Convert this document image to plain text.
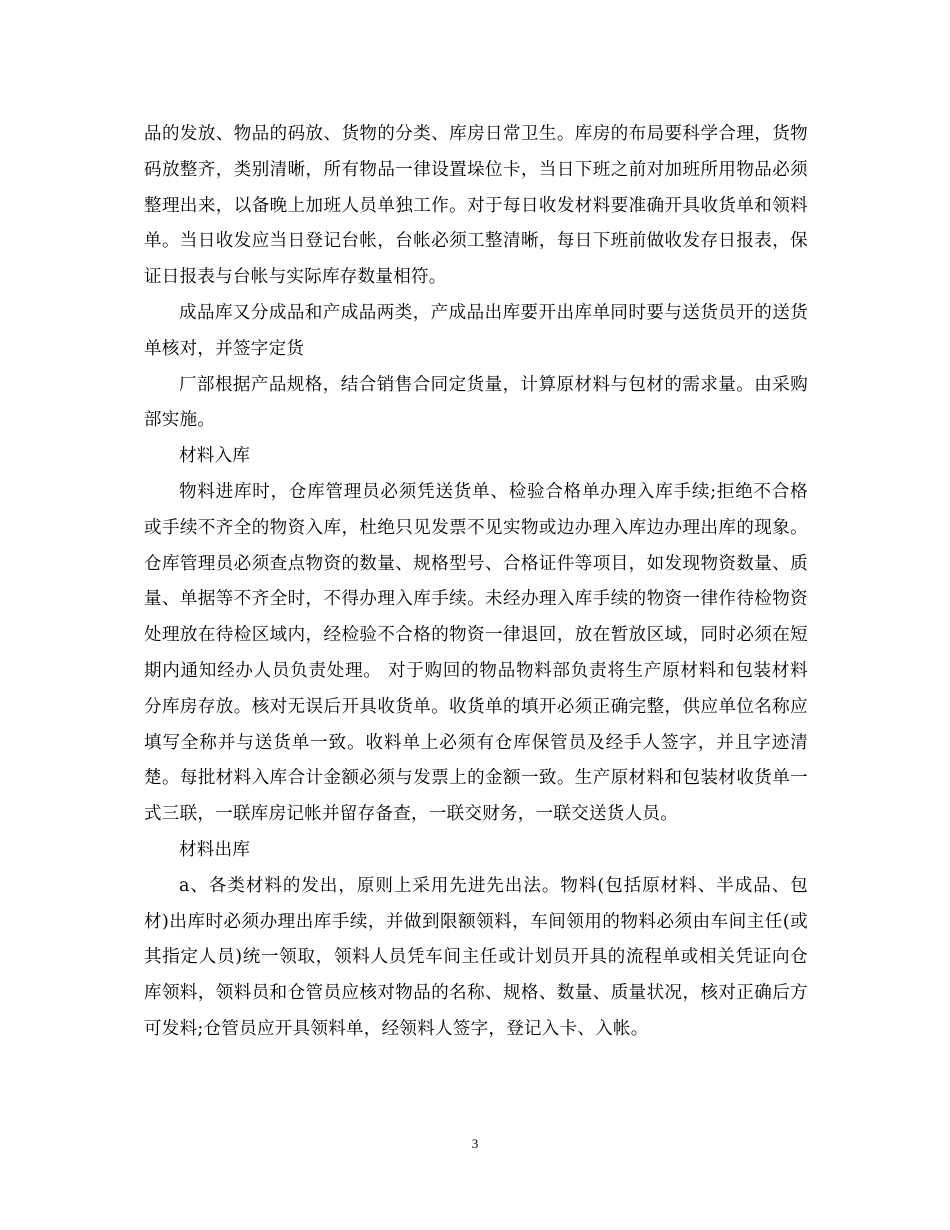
品的发放、物品的码放、货物的分类、库房日常卫生。库房的布局要科学合理，货物码放整齐，类别清晰，所有物品一律设置垛位卡，当日下班之前对加班所用物品必须整理出来，以备晚上加班人员单独工作。对于每日收发材料要准确开具收货单和领料单。当日收发应当日登记台帐，台帐必须工整清晰，每日下班前做收发存日报表，保证日报表与台帐与实际库存数量相符。

成品库又分成品和产成品两类，产成品出库要开出库单同时要与送货员开的送货单核对，并签字定货

厂部根据产品规格，结合销售合同定货量，计算原材料与包材的需求量。由采购部实施。

材料入库

物料进库时，仓库管理员必须凭送货单、检验合格单办理入库手续;拒绝不合格或手续不齐全的物资入库，杜绝只见发票不见实物或边办理入库边办理出库的现象。 仓库管理员必须查点物资的数量、规格型号、合格证件等项目，如发现物资数量、质量、单据等不齐全时，不得办理入库手续。未经办理入库手续的物资一律作待检物资处理放在待检区域内，经检验不合格的物资一律退回，放在暂放区域，同时必须在短期内通知经办人员负责处理。 对于购回的物品物料部负责将生产原材料和包装材料分库房存放。核对无误后开具收货单。收货单的填开必须正确完整，供应单位名称应填写全称并与送货单一致。收料单上必须有仓库保管员及经手人签字，并且字迹清楚。每批材料入库合计金额必须与发票上的金额一致。生产原材料和包装材收货单一式三联，一联库房记帐并留存备查，一联交财务，一联交送货人员。

材料出库

a、各类材料的发出，原则上采用先进先出法。物料(包括原材料、半成品、包材)出库时必须办理出库手续，并做到限额领料，车间领用的物料必须由车间主任(或其指定人员)统一领取，领料人员凭车间主任或计划员开具的流程单或相关凭证向仓库领料，领料员和仓管员应核对物品的名称、规格、数量、质量状况，核对正确后方可发料;仓管员应开具领料单，经领料人签字，登记入卡、入帐。

3
